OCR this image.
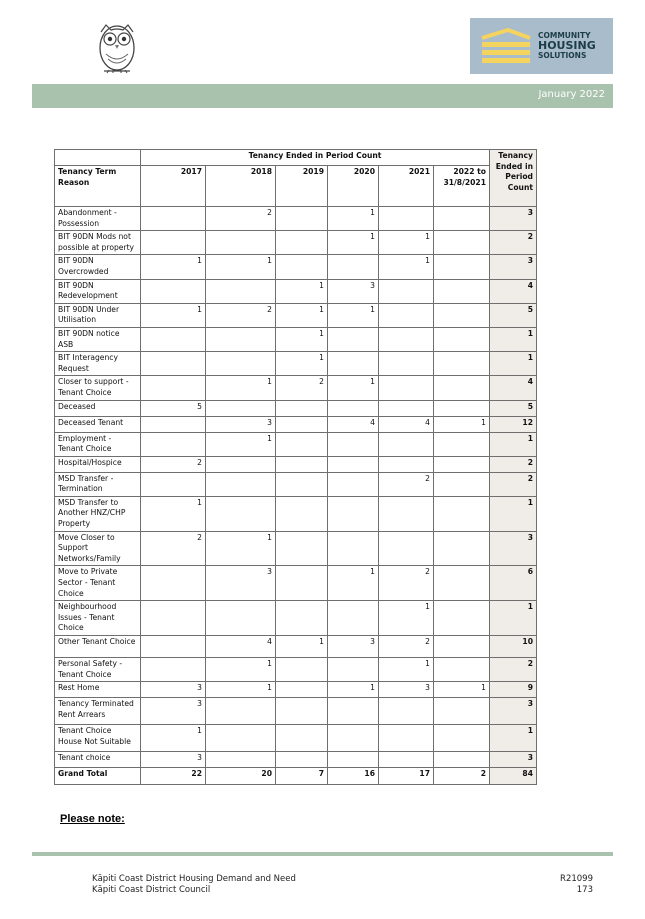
COMMUNITY
HOUSING
SOLUTIONS
January 2022
	Tenancy Ended in Period Count						Tenancy Ended in Period Count
Tenancy Term Reason	2017	2018	2019	2020	2021	2022 to 31/8/2021	
Abandonment - Possession		2		1			3
BIT 90DN Mods not possible at property				1	1		2
BIT 90DN Overcrowded	1	1			1		3
BIT 90DN Redevelopment			1	3			4
BIT 90DN Under Utilisation	1	2	1	1			5
BIT 90DN notice ASB			1				1
BIT Interagency Request			1				1
Closer to support - Tenant Choice		1	2	1			4
Deceased	5						5
Deceased Tenant		3		4	4	1	12
Employment - Tenant Choice		1					1
Hospital/Hospice	2						2
MSD Transfer - Termination					2		2
MSD Transfer to Another HNZ/CHP Property	1						1
Move Closer to Support Networks/Family	2	1					3
Move to Private Sector - Tenant Choice		3		1	2		6
Neighbourhood Issues - Tenant Choice					1		1
Other Tenant Choice		4	1	3	2		10
Personal Safety - Tenant Choice		1			1		2
Rest Home	3	1		1	3	1	9
Tenancy Terminated Rent Arrears	3						3
Tenant Choice House Not Suitable	1						1
Tenant choice	3						3
Grand Total	22	20	7	16	17	2	84
Please note:
Kāpiti Coast District Housing Demand and Need
Kāpiti Coast District Council
R21099
173
